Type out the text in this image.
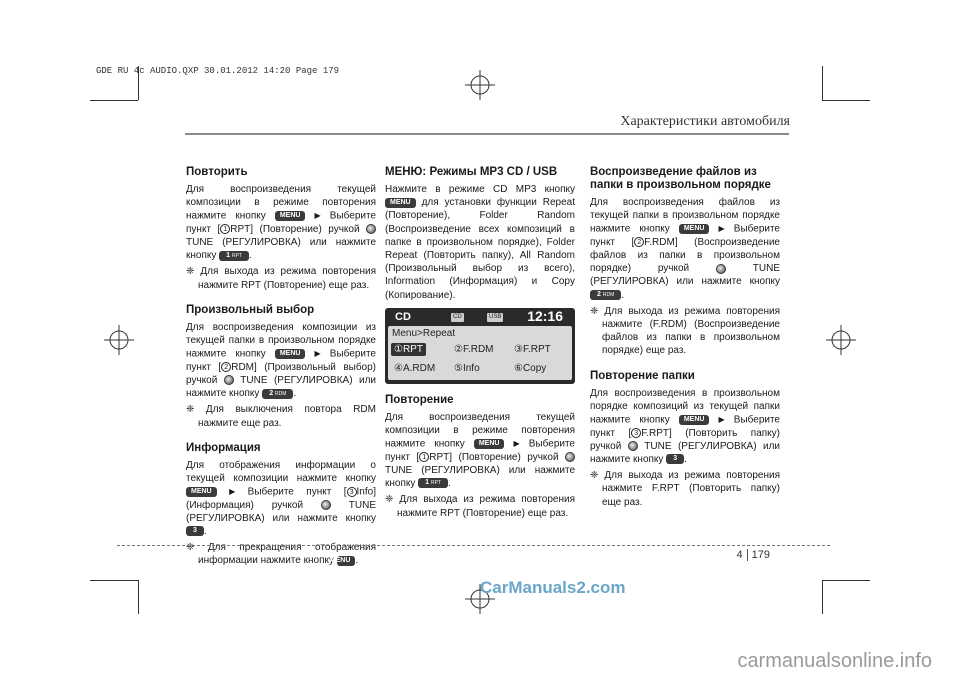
GDE RU 4c AUDIO.QXP 30.01.2012 14:20 Page 179
Характеристики автомобиля
Повторить

Для воспроизведения текущей композиции в режиме повторения нажмите кнопку MENU ▶ Выберите пункт [ 1 RPT] (Повторение) ручкой  TUNE (РЕГУЛИРОВКА) или нажмите кнопку 1 RPT .

❈ Для выхода из режима повторения нажмите RPT (Повторение) еще раз.

Произвольный выбор

Для воспроизведения композиции из текущей папки в произвольном порядке нажмите кнопку MENU ▶ Выберите пункт [ 2 RDM] (Произвольный выбор) ручкой TUNE (РЕГУЛИРОВКА) или нажмите кнопку 2 RDM .

❈ Для выключения повтора RDM нажмите еще раз.

Информация

Для отображения информации о текущей композиции нажмите кнопку MENU ▶ Выберите пункт [ 3 Info] (Информация) ручкой	TUNE (РЕГУЛИРОВКА) или нажмите кнопку 3 .

❈ Для прекращения отображения информации нажмите кнопку MENU .

МЕНЮ: Режимы MP3 CD / USB

Нажмите в режиме CD MP3 кнопку MENU для установки функции Repeat (Повторение), Folder Random (Воспроизведение всех композиций в папке в произвольном порядке), Folder Repeat (Повторить папку), All Random (Произвольный выбор из всего), Information (Информация) и Copy (Копирование).

CD	CD	USB 12:16
Menu>Repeat
①RPT	②F.RDM ③F.RPT
④A.RDM ⑤Info	⑥Copy
Повторение

Для воспроизведения текущей композиции в режиме повторения нажмите кнопку MENU ▶ Выберите пункт [ 1 RPT] (Повторение) ручкой  TUNE (РЕГУЛИРОВКА) или нажмите кнопку 1 RPT .

❈ Для выхода из режима повторения нажмите RPT (Повторение) еще раз.

Воспроизведение файлов из папки в произвольном порядке

Для воспроизведения файлов из текущей папки в произвольном порядке нажмите кнопку MENU ▶ Выберите пункт [ 2 F.RDM] (Воспроизведение файлов из папки в произвольном порядке) ручкой	TUNE (РЕГУЛИРОВКА) или нажмите кнопку 2 RDM .

❈ Для выхода из режима повторения нажмите (F.RDM) (Воспроизведение файлов из папки в произвольном порядке) еще раз.

Повторение папки

Для воспроизведения в произвольном порядке композиций из текущей папки нажмите кнопку MENU ▶ Выберите пункт [ 3 F.RPT] (Повторить папку) ручкой TUNE (РЕГУЛИРОВКА) или нажмите кнопку 3 .

❈ Для выхода из режима повторения нажмите F.RPT (Повторить папку) еще раз.

4 179
CarManuals2.com
carmanualsonline.info
